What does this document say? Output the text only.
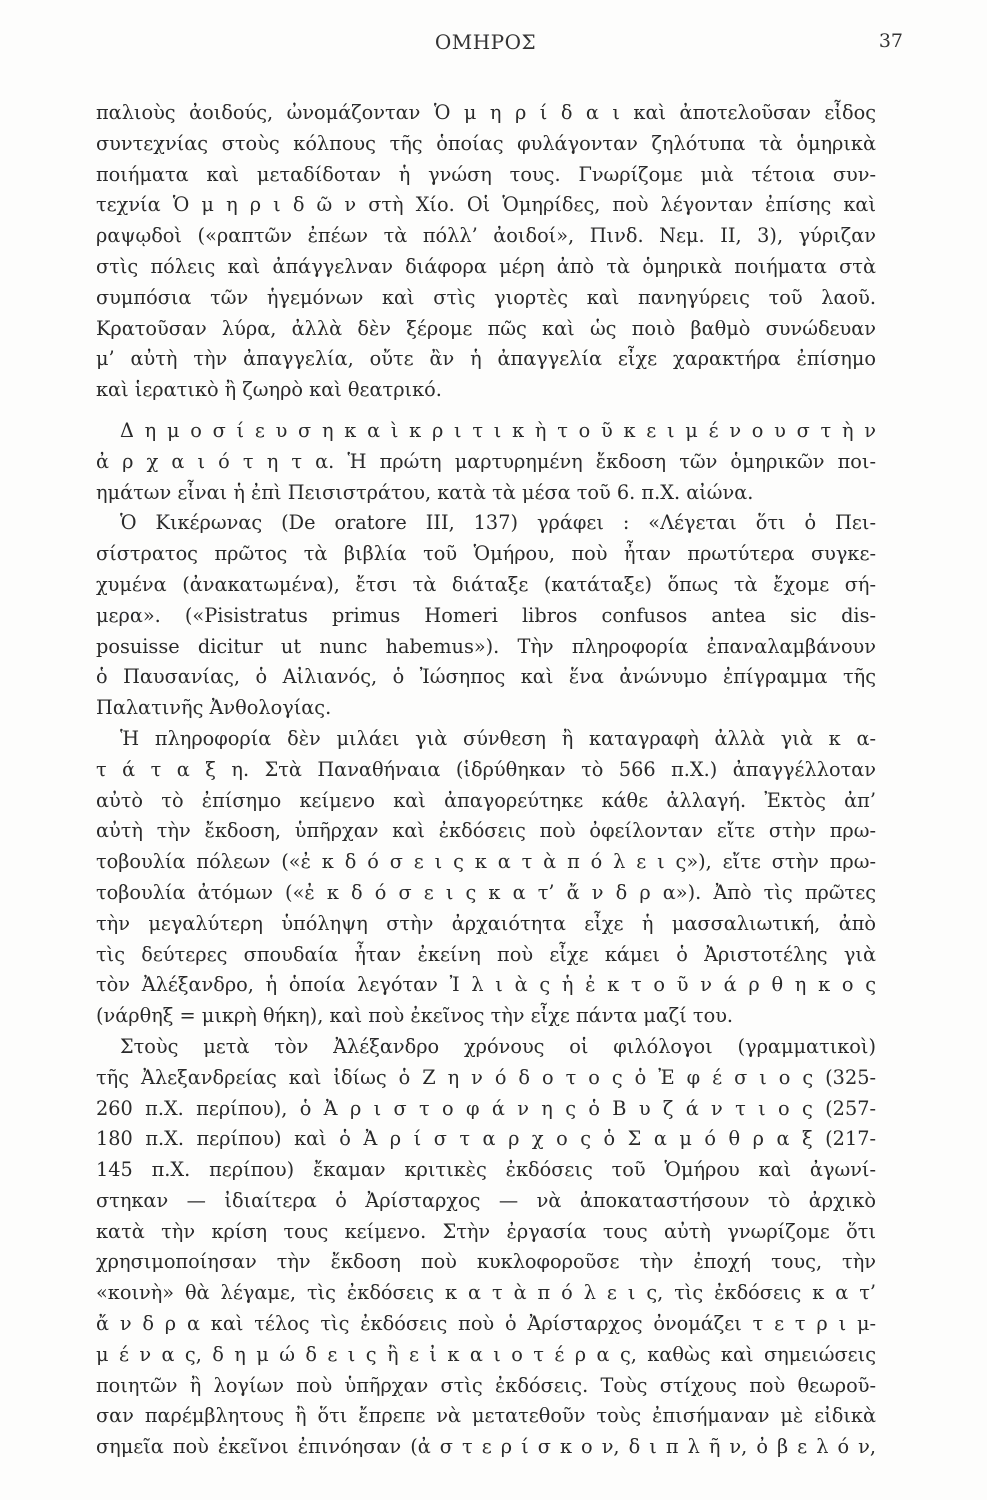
ΟΜΗΡΟΣ	37
παλιοὺς ἀοιδούς, ὠνομάζονταν Ὁ μ η ρ ί δ α ι καὶ ἀποτελοῦσαν εἶδος
συντεχνίας στοὺς κόλπους τῆς ὁποίας φυλάγονταν ζηλότυπα τὰ ὁμηρικὰ
ποιήματα καὶ μεταδίδοταν ἡ γνώση τους. Γνωρίζομε μιὰ τέτοια συν-
τεχνία Ὁ μ η ρ ι δ ῶ ν στὴ Χίο. Οἱ Ὁμηρίδες, ποὺ λέγονταν ἐπίσης καὶ
ραψῳδοὶ («ραπτῶν ἐπέων τὰ πόλλ’ ἀοιδοί», Πινδ. Νεμ. ΙΙ, 3), γύριζαν
στὶς πόλεις καὶ ἀπάγγελναν διάφορα μέρη ἀπὸ τὰ ὁμηρικὰ ποιήματα στὰ
συμπόσια τῶν ἡγεμόνων καὶ στὶς γιορτὲς καὶ πανηγύρεις τοῦ λαοῦ.
Κρατοῦσαν λύρα, ἀλλὰ δὲν ξέρομε πῶς καὶ ὡς ποιὸ βαθμὸ συνώδευαν
μ’ αὐτὴ τὴν ἀπαγγελία, οὔτε ἂν ἡ ἀπαγγελία εἶχε χαρακτήρα ἐπίσημο
καὶ ἱερατικὸ ἢ ζωηρὸ καὶ θεατρικό.
Δ η μ ο σ ί ε υ σ η κ α ὶ κ ρ ι τ ι κ ὴ τ ο ῦ κ ε ι μ έ ν ο υ σ τ ὴ ν
ἀ ρ χ α ι ό τ η τ α. Ἡ πρώτη μαρτυρημένη ἔκδοση τῶν ὁμηρικῶν ποι-
ημάτων εἶναι ἡ ἐπὶ Πεισιστράτου, κατὰ τὰ μέσα τοῦ 6. π.Χ. αἰώνα.
Ὁ Κικέρωνας (De oratore III, 137) γράφει : «Λέγεται ὅτι ὁ Πει-
σίστρατος πρῶτος τὰ βιβλία τοῦ Ὁμήρου, ποὺ ἦταν πρωτύτερα συγκε-
χυμένα (ἀνακατωμένα), ἔτσι τὰ διάταξε (κατάταξε) ὅπως τὰ ἔχομε σή-
μερα». («Pisistratus primus Homeri libros confusos antea sic dis-
posuisse dicitur ut nunc habemus»). Τὴν πληροφορία ἐπαναλαμβάνουν
ὁ Παυσανίας, ὁ Αἰλιανός, ὁ Ἰώσηπος καὶ ἕνα ἀνώνυμο ἐπίγραμμα τῆς
Παλατινῆς Ἀνθολογίας.
Ἡ πληροφορία δὲν μιλάει γιὰ σύνθεση ἢ καταγραφὴ ἀλλὰ γιὰ κ α-
τ ά τ α ξ η. Στὰ Παναθήναια (ἱδρύθηκαν τὸ 566 π.Χ.) ἀπαγγέλλοταν
αὐτὸ τὸ ἐπίσημο κείμενο καὶ ἀπαγορεύτηκε κάθε ἀλλαγή. Ἐκτὸς ἀπ’
αὐτὴ τὴν ἔκδοση, ὑπῆρχαν καὶ ἐκδόσεις ποὺ ὀφείλονταν εἴτε στὴν πρω-
τοβουλία πόλεων («ἐ κ δ ό σ ε ι ς κ α τ ὰ π ό λ ε ι ς»), εἴτε στὴν πρω-
τοβουλία ἀτόμων («ἐ κ δ ό σ ε ι ς κ α τ’ ἄ ν δ ρ α»). Ἀπὸ τὶς πρῶτες
τὴν μεγαλύτερη ὑπόληψη στὴν ἀρχαιότητα εἶχε ἡ μασσαλιωτική, ἀπὸ
τὶς δεύτερες σπουδαία ἦταν ἐκείνη ποὺ εἶχε κάμει ὁ Ἀριστοτέλης γιὰ
τὸν Ἀλέξανδρο, ἡ ὁποία λεγόταν Ἰ λ ι ὰ ς ἡ ἐ κ τ ο ῦ ν ά ρ θ η κ ο ς
(νάρθηξ = μικρὴ θήκη), καὶ ποὺ ἐκεῖνος τὴν εἶχε πάντα μαζί του.
Στοὺς μετὰ τὸν Ἀλέξανδρο χρόνους οἱ φιλόλογοι (γραμματικοὶ)
τῆς Ἀλεξανδρείας καὶ ἰδίως ὁ Ζ η ν ό δ ο τ ο ς ὁ Ἐ φ έ σ ι ο ς (325-
260 π.Χ. περίπου), ὁ Ἀ ρ ι σ τ ο φ ά ν η ς ὁ Β υ ζ ά ν τ ι ο ς (257-
180 π.Χ. περίπου) καὶ ὁ Ἀ ρ ί σ τ α ρ χ ο ς ὁ Σ α μ ό θ ρ α ξ (217-
145 π.Χ. περίπου) ἔκαμαν κριτικὲς ἐκδόσεις τοῦ Ὁμήρου καὶ ἀγωνί-
στηκαν — ἰδιαίτερα ὁ Ἀρίσταρχος — νὰ ἀποκαταστήσουν τὸ ἀρχικὸ
κατὰ τὴν κρίση τους κείμενο. Στὴν ἐργασία τους αὐτὴ γνωρίζομε ὅτι
χρησιμοποίησαν τὴν ἔκδοση ποὺ κυκλοφοροῦσε τὴν ἐποχή τους, τὴν
«κοινὴ» θὰ λέγαμε, τὶς ἐκδόσεις κ α τ ὰ π ό λ ε ι ς, τὶς ἐκδόσεις κ α τ’
ἄ ν δ ρ α καὶ τέλος τὶς ἐκδόσεις ποὺ ὁ Ἀρίσταρχος ὀνομάζει τ ε τ ρ ι μ-
μ έ ν α ς, δ η μ ώ δ ε ι ς ἢ ε ἰ κ α ι ο τ έ ρ α ς, καθὼς καὶ σημειώσεις
ποιητῶν ἢ λογίων ποὺ ὑπῆρχαν στὶς ἐκδόσεις. Τοὺς στίχους ποὺ θεωροῦ-
σαν παρέμβλητους ἢ ὅτι ἔπρεπε νὰ μετατεθοῦν τοὺς ἐπισήμαναν μὲ εἰδικὰ
σημεῖα ποὺ ἐκεῖνοι ἐπινόησαν (ἀ σ τ ε ρ ί σ κ ο ν, δ ι π λ ῆ ν, ὀ β ε λ ό ν,
